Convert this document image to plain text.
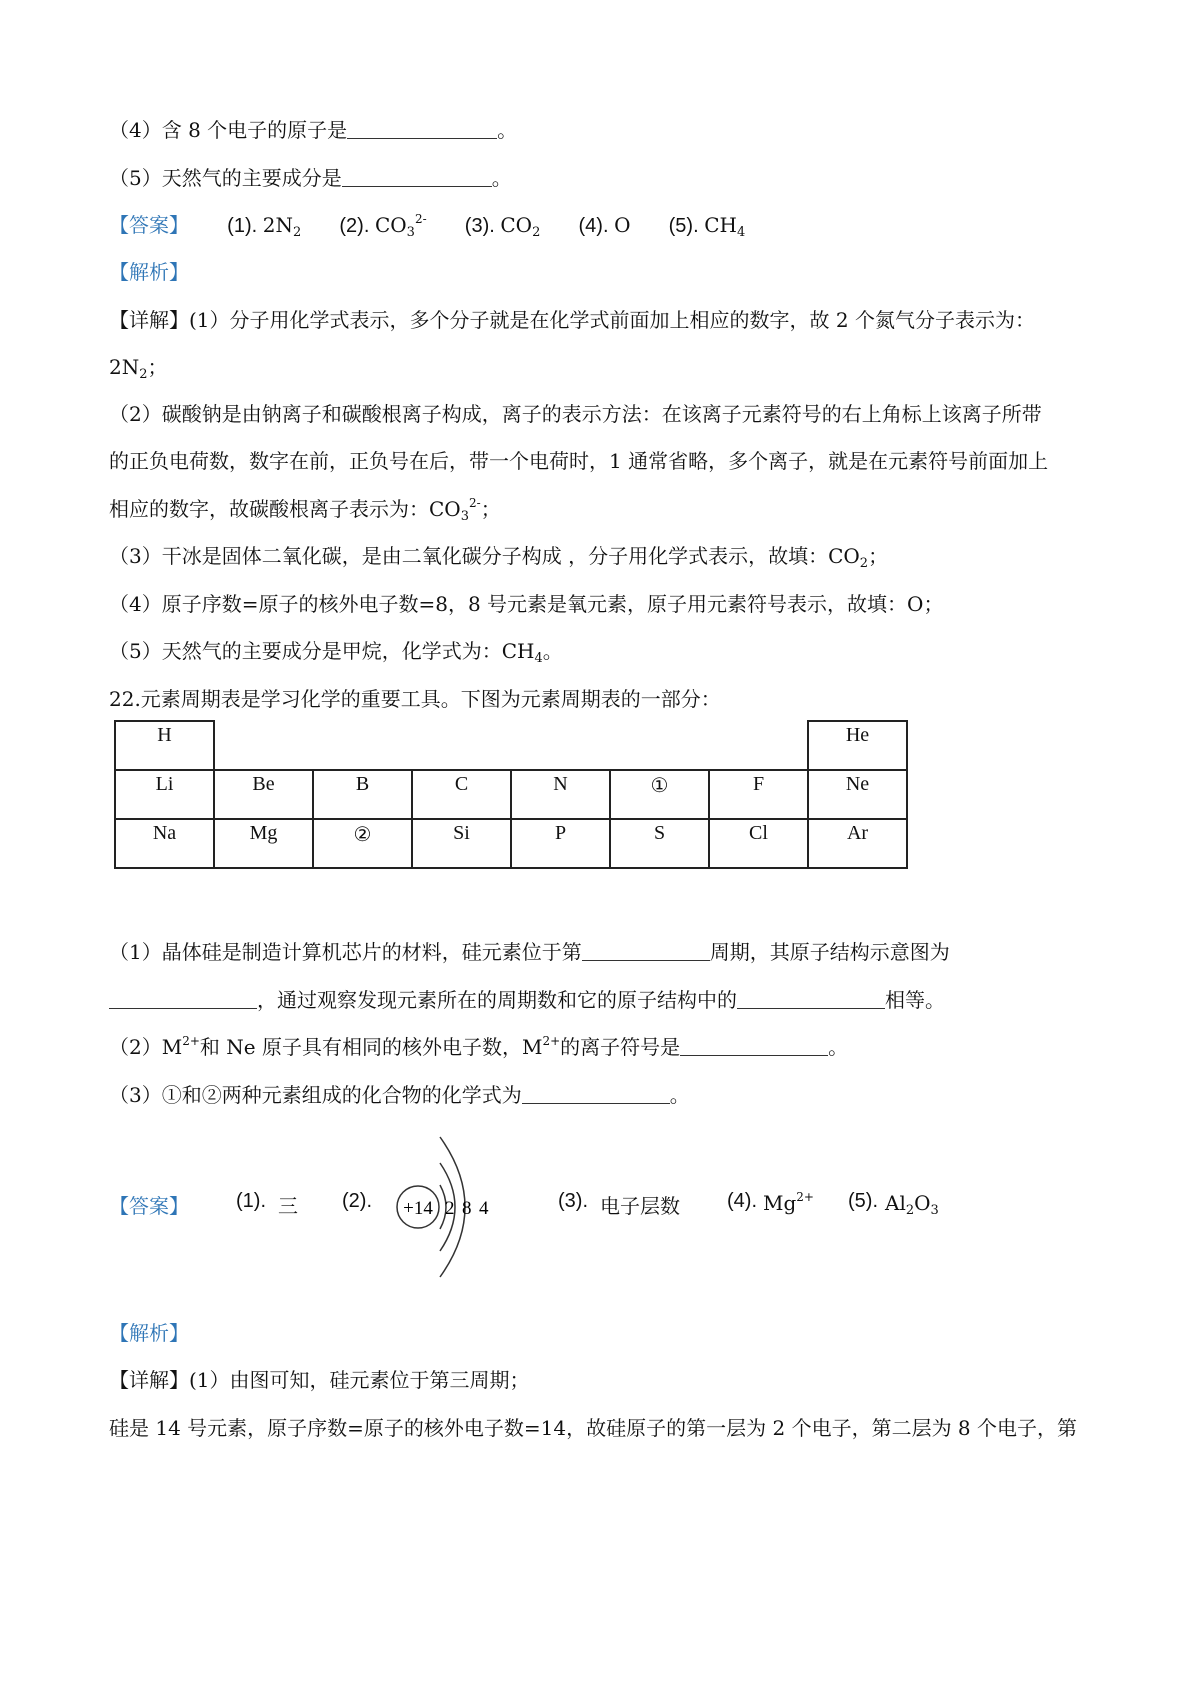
（4）含 8 个电子的原子是	。
（5）天然气的主要成分是	。
【答案】 (1). $2N_2$ (2). $CO_3^{2-}$ (3). $CO_2$ (4). O (5). $CH_4$
【解析】
【详解】(1）分子用化学式表示，多个分子就是在化学式前面加上相应的数字，故 2 个氮气分子表示为：
$2N_2$；
（2）碳酸钠是由钠离子和碳酸根离子构成，离子的表示方法：在该离子元素符号的右上角标上该离子所带
的正负电荷数，数字在前，正负号在后，带一个电荷时，1 通常省略，多个离子，就是在元素符号前面加上
相应的数字，故碳酸根离子表示为：$CO_3^{2-}$；
（3）干冰是固体二氧化碳，是由二氧化碳分子构成 ，分子用化学式表示，故填：$CO_2$；
（4）原子序数=原子的核外电子数=8，8 号元素是氧元素，原子用元素符号表示，故填：O；
（5）天然气的主要成分是甲烷，化学式为：$CH_4$。
22.元素周期表是学习化学的重要工具。下图为元素周期表的一部分：
（1）晶体硅是制造计算机芯片的材料，硅元素位于第	周期，其原子结构示意图为
，通过观察发现元素所在的周期数和它的原子结构中的	相等。
$(2)M^{2+}$和 Ne 原子具有相同的核外电子数，$M^{2+}$的离子符号是	。
（3）①和②两种元素组成的化合物的化学式为	。
【解析】
【详解】(1）由图可知，硅元素位于第三周期；
硅是 14 号元素，原子序数=原子的核外电子数=14，故硅原子的第一层为 2 个电子，第二层为 8 个电子，第
H							He
Li	Be	B	C	N	①	F	Ne
Na	Mg	②	Si	P	S	Cl	Ar
【答案】 (1). 三 (2). +14 2 8 4	(3). 电子层数 (4). $Mg^{2+}$ (5). $Al_2O_3$
